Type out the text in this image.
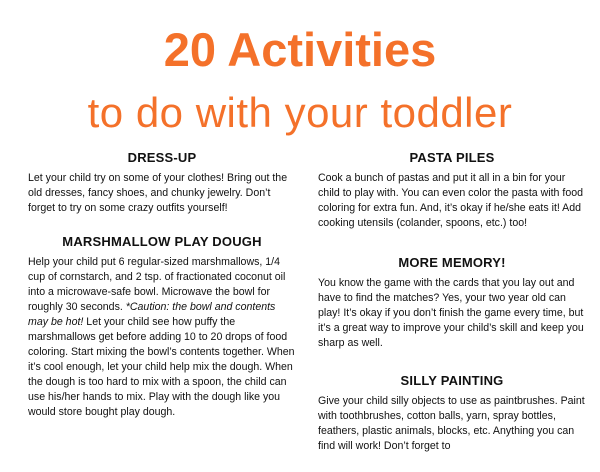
20 Activities
to do with your toddler
DRESS-UP

Let your child try on some of your clothes! Bring out the old dresses, fancy shoes, and chunky jewelry. Don’t forget to try on some crazy outfits yourself!

MARSHMALLOW PLAY DOUGH

Help your child put 6 regular-sized marshmallows, 1/4 cup of cornstarch, and 2 tsp. of fractionated coconut oil into a microwave-safe bowl. Microwave the bowl for roughly 30 seconds. *Caution: the bowl and contents may be hot! Let your child see how puffy the marshmallows get before adding 10 to 20 drops of food coloring. Start mixing the bowl’s contents together. When it’s cool enough, let your child help mix the dough. When the dough is too hard to mix with a spoon, the child can use his/her hands to mix. Play with the dough like you would store bought play dough.

PASTA PILES

Cook a bunch of pastas and put it all in a bin for your child to play with. You can even color the pasta with food coloring for extra fun. And, it’s okay if he/she eats it! Add cooking utensils (colander, spoons, etc.) too!

MORE MEMORY!

You know the game with the cards that you lay out and have to find the matches? Yes, your two year old can play! It’s okay if you don’t finish the game every time, but it’s a great way to improve your child’s skill and keep you sharp as well.

SILLY PAINTING

Give your child silly objects to use as paintbrushes. Paint with toothbrushes, cotton balls, yarn, spray bottles, feathers, plastic animals, blocks, etc. Anything you can find will work! Don’t forget to
